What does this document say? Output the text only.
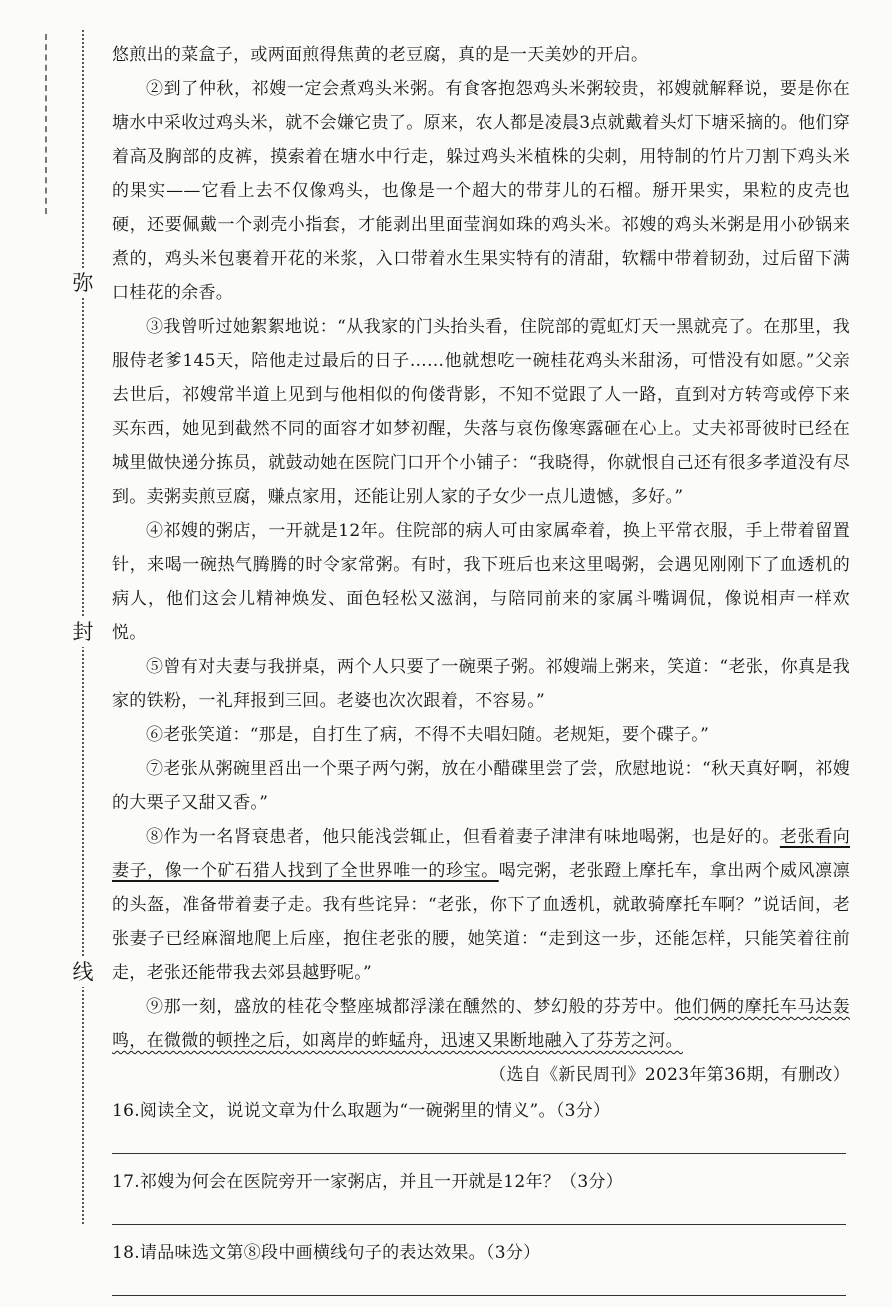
弥
封
线

悠煎出的菜盒子，或两面煎得焦黄的老豆腐，真的是一天美妙的开启。

②到了仲秋，祁嫂一定会煮鸡头米粥。有食客抱怨鸡头米粥较贵，祁嫂就解释说，要是你在塘水中采收过鸡头米，就不会嫌它贵了。原来，农人都是凌晨3点就戴着头灯下塘采摘的。他们穿着高及胸部的皮裤，摸索着在塘水中行走，躲过鸡头米植株的尖刺，用特制的竹片刀割下鸡头米的果实——它看上去不仅像鸡头，也像是一个超大的带芽儿的石榴。掰开果实，果粒的皮壳也硬，还要佩戴一个剥壳小指套，才能剥出里面莹润如珠的鸡头米。祁嫂的鸡头米粥是用小砂锅来煮的，鸡头米包裹着开花的米浆，入口带着水生果实特有的清甜，软糯中带着韧劲，过后留下满口桂花的余香。

③我曾听过她絮絮地说：“从我家的门头抬头看，住院部的霓虹灯天一黑就亮了。在那里，我服侍老爹145天，陪他走过最后的日子……他就想吃一碗桂花鸡头米甜汤，可惜没有如愿。”父亲去世后，祁嫂常半道上见到与他相似的佝偻背影，不知不觉跟了人一路，直到对方转弯或停下来买东西，她见到截然不同的面容才如梦初醒，失落与哀伤像寒露砸在心上。丈夫祁哥彼时已经在城里做快递分拣员，就鼓动她在医院门口开个小铺子：“我晓得，你就恨自己还有很多孝道没有尽到。卖粥卖煎豆腐，赚点家用，还能让别人家的子女少一点儿遗憾，多好。”

④祁嫂的粥店，一开就是12年。住院部的病人可由家属牵着，换上平常衣服，手上带着留置针，来喝一碗热气腾腾的时令家常粥。有时，我下班后也来这里喝粥，会遇见刚刚下了血透机的病人，他们这会儿精神焕发、面色轻松又滋润，与陪同前来的家属斗嘴调侃，像说相声一样欢悦。

⑤曾有对夫妻与我拼桌，两个人只要了一碗栗子粥。祁嫂端上粥来，笑道：“老张，你真是我家的铁粉，一礼拜报到三回。老婆也次次跟着，不容易。”

⑥老张笑道：“那是，自打生了病，不得不夫唱妇随。老规矩，要个碟子。”

⑦老张从粥碗里舀出一个栗子两勺粥，放在小醋碟里尝了尝，欣慰地说：“秋天真好啊，祁嫂的大栗子又甜又香。”

⑧作为一名肾衰患者，他只能浅尝辄止，但看着妻子津津有味地喝粥，也是好的。老张看向妻子，像一个矿石猎人找到了全世界唯一的珍宝。喝完粥，老张蹬上摩托车，拿出两个威风凛凛的头盔，准备带着妻子走。我有些诧异：“老张，你下了血透机，就敢骑摩托车啊？”说话间，老张妻子已经麻溜地爬上后座，抱住老张的腰，她笑道：“走到这一步，还能怎样，只能笑着往前走，老张还能带我去郊县越野呢。”

⑨那一刻，盛放的桂花令整座城都浮漾在醺然的、梦幻般的芬芳中。他们俩的摩托车马达轰鸣，在微微的顿挫之后，如离岸的蚱蜢舟，迅速又果断地融入了芬芳之河。

（选自《新民周刊》2023年第36期，有删改）

16.阅读全文，说说文章为什么取题为“一碗粥里的情义”。（3分）

17.祁嫂为何会在医院旁开一家粥店，并且一开就是12年？（3分）

18.请品味选文第⑧段中画横线句子的表达效果。（3分）
